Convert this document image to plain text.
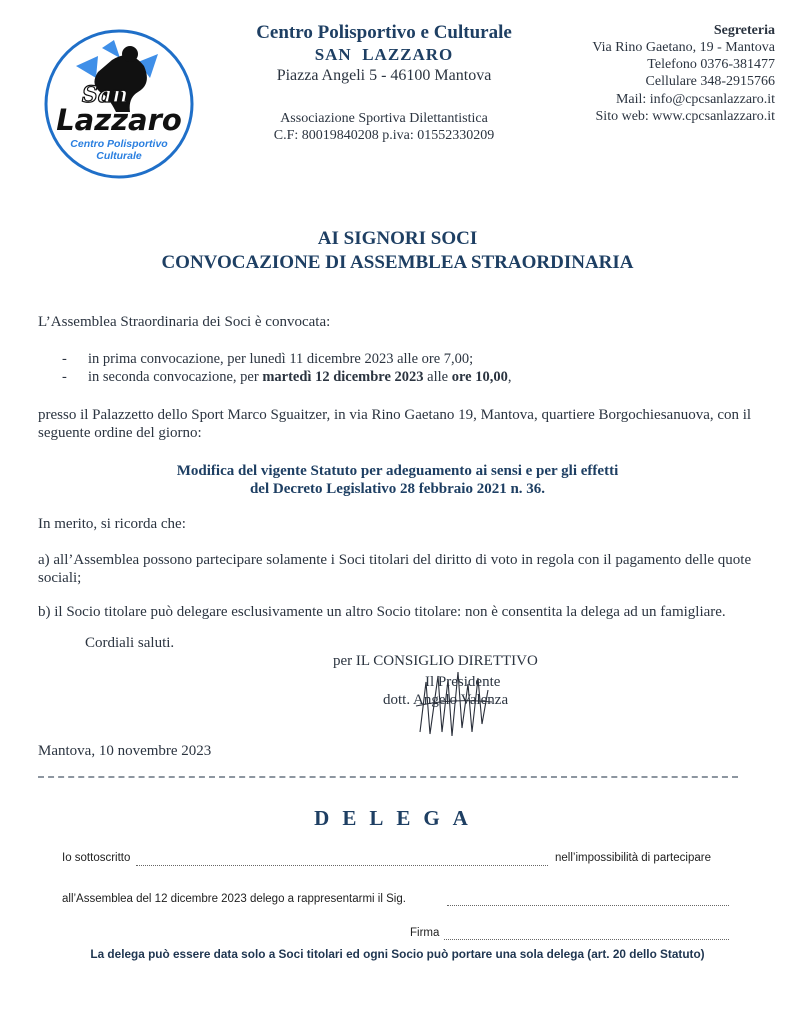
San
Lazzaro
Centro Polisportivo
Culturale
Centro Polisportivo e Culturale
SAN  LAZZARO
Piazza Angeli 5 - 46100 Mantova
Associazione Sportiva Dilettantistica
C.F: 80019840208 p.iva: 01552330209
Segreteria
Via Rino Gaetano, 19 - Mantova
Telefono 0376-381477
Cellulare 348-2915766
Mail: info@cpcsanlazzaro.it
Sito web: www.cpcsanlazzaro.it
AI SIGNORI SOCI
CONVOCAZIONE DI ASSEMBLEA STRAORDINARIA
L’Assemblea Straordinaria dei Soci è convocata:
- in prima convocazione, per lunedì 11 dicembre 2023 alle ore 7,00;
- in seconda convocazione, per martedì 12 dicembre 2023 alle ore 10,00,
presso il Palazzetto dello Sport Marco Sguaitzer, in via Rino Gaetano 19, Mantova, quartiere Borgochiesanuova, con il seguente ordine del giorno:
Modifica del vigente Statuto per adeguamento ai sensi e per gli effetti
del Decreto Legislativo 28 febbraio 2021 n. 36.
In merito, si ricorda che:
a) all’Assemblea possono partecipare solamente i Soci titolari del diritto di voto in regola con il pagamento delle quote sociali;
b) il Socio titolare può delegare esclusivamente un altro Socio titolare: non è consentita la delega ad un famigliare.
Cordiali saluti.
per IL CONSIGLIO DIRETTIVO
Il Presidente
dott. Angelo Valenza
Mantova, 10 novembre 2023
DELEGA
Io sottoscritto	nell’impossibilità di partecipare
all’Assemblea del 12 dicembre 2023 delego a rappresentarmi il Sig.
Firma
La delega può essere data solo a Soci titolari ed ogni Socio può portare una sola delega (art. 20 dello Statuto)
